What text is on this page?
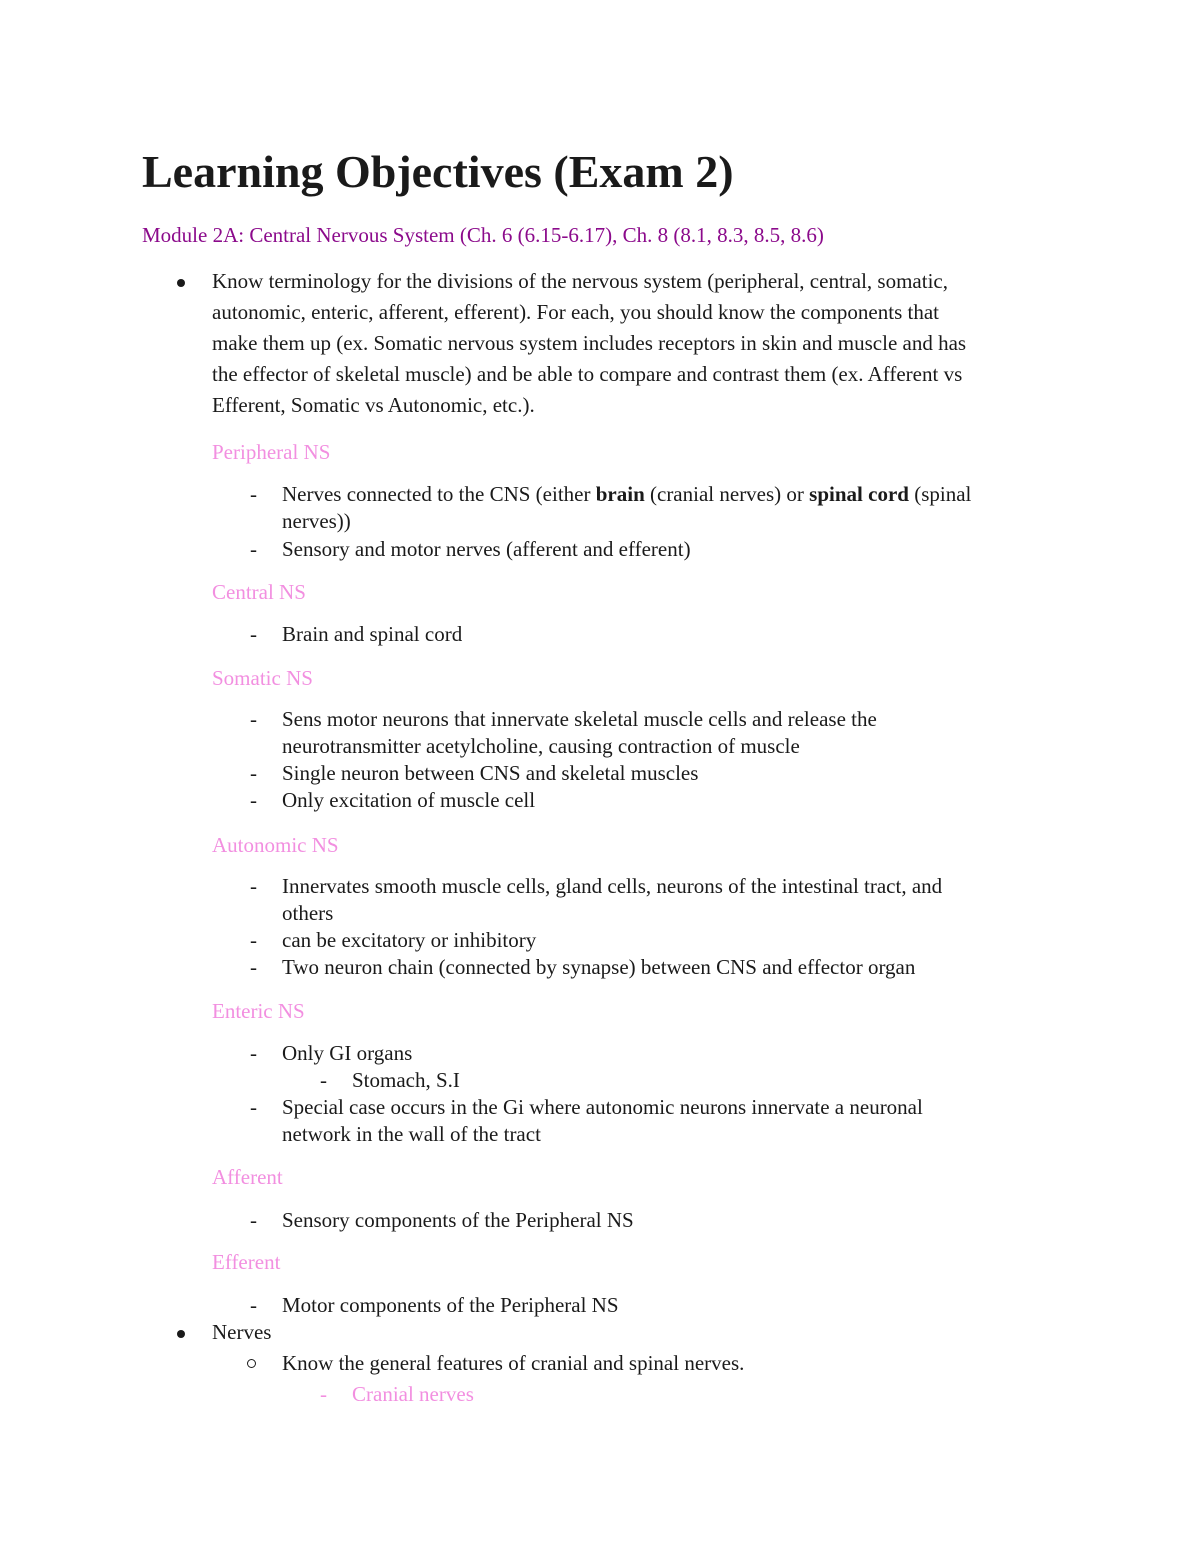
Learning Objectives (Exam 2)
Module 2A: Central Nervous System (Ch. 6 (6.15-6.17), Ch. 8 (8.1, 8.3, 8.5, 8.6)
Know terminology for the divisions of the nervous system (peripheral, central, somatic,
autonomic, enteric, afferent, efferent). For each, you should know the components that
make them up (ex. Somatic nervous system includes receptors in skin and muscle and has
the effector of skeletal muscle) and be able to compare and contrast them (ex. Afferent vs
Efferent, Somatic vs Autonomic, etc.).
Peripheral NS
- Nerves connected to the CNS (either brain (cranial nerves) or spinal cord (spinal
nerves))
- Sensory and motor nerves (afferent and efferent)
Central NS
- Brain and spinal cord
Somatic NS
- Sens motor neurons that innervate skeletal muscle cells and release the
neurotransmitter acetylcholine, causing contraction of muscle
- Single neuron between CNS and skeletal muscles
- Only excitation of muscle cell
Autonomic NS
- Innervates smooth muscle cells, gland cells, neurons of the intestinal tract, and
others
- can be excitatory or inhibitory
- Two neuron chain (connected by synapse) between CNS and effector organ
Enteric NS
- Only GI organs
- Stomach, S.I
- Special case occurs in the Gi where autonomic neurons innervate a neuronal
network in the wall of the tract
Afferent
- Sensory components of the Peripheral NS
Efferent
- Motor components of the Peripheral NS
Nerves
Know the general features of cranial and spinal nerves.
- Cranial nerves
